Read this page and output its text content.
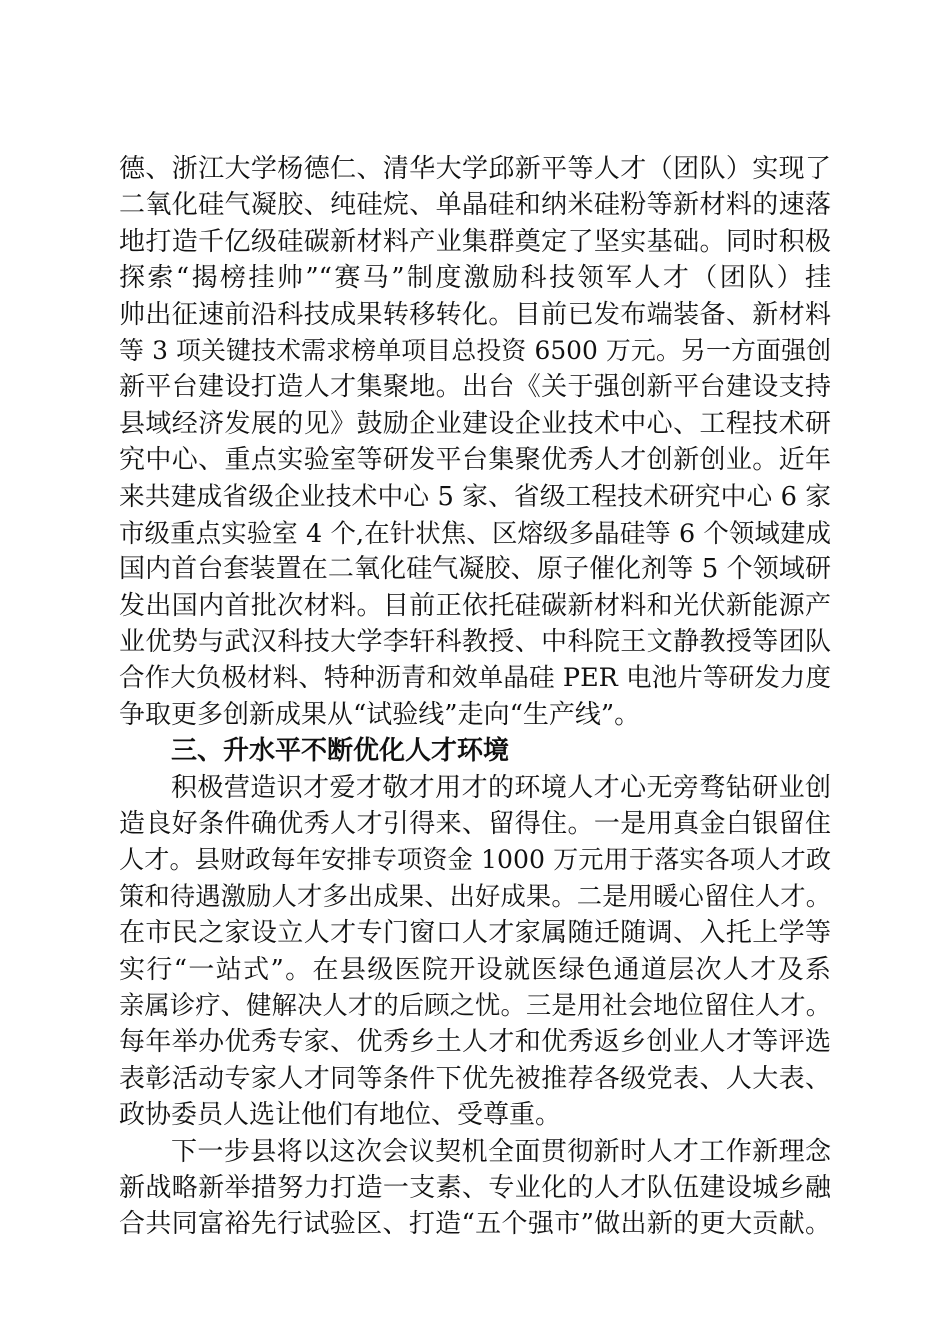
德、浙江大学杨德仁、清华大学邱新平等人才（团队）实现了
二氧化硅气凝胶、纯硅烷、单晶硅和纳米硅粉等新材料的速落
地打造千亿级硅碳新材料产业集群奠定了坚实基础。同时积极
探索“揭榜挂帅”“赛马”制度激励科技领军人才（团队）挂
帅出征速前沿科技成果转移转化。目前已发布端装备、新材料
等 3 项关键技术需求榜单项目总投资 6500 万元。另一方面强创
新平台建设打造人才集聚地。出台《关于强创新平台建设支持
县域经济发展的见》鼓励企业建设企业技术中心、工程技术研
究中心、重点实验室等研发平台集聚优秀人才创新创业。近年
来共建成省级企业技术中心 5 家、省级工程技术研究中心 6 家
市级重点实验室 4 个,在针状焦、区熔级多晶硅等 6 个领域建成
国内首台套装置在二氧化硅气凝胶、原子催化剂等 5 个领域研
发出国内首批次材料。目前正依托硅碳新材料和光伏新能源产
业优势与武汉科技大学李轩科教授、中科院王文静教授等团队
合作大负极材料、特种沥青和效单晶硅 PER 电池片等研发力度
争取更多创新成果从“试验线”走向“生产线”。
三、升水平不断优化人才环境
积极营造识才爱才敬才用才的环境人才心无旁骛钻研业创
造良好条件确优秀人才引得来、留得住。一是用真金白银留住
人才。县财政每年安排专项资金 1000 万元用于落实各项人才政
策和待遇激励人才多出成果、出好成果。二是用暖心留住人才。
在市民之家设立人才专门窗口人才家属随迁随调、入托上学等
实行“一站式”。在县级医院开设就医绿色通道层次人才及系
亲属诊疗、健解决人才的后顾之忧。三是用社会地位留住人才。
每年举办优秀专家、优秀乡土人才和优秀返乡创业人才等评选
表彰活动专家人才同等条件下优先被推荐各级党表、人大表、
政协委员人选让他们有地位、受尊重。
下一步县将以这次会议契机全面贯彻新时人才工作新理念
新战略新举措努力打造一支素、专业化的人才队伍建设城乡融
合共同富裕先行试验区、打造“五个强市”做出新的更大贡献。
